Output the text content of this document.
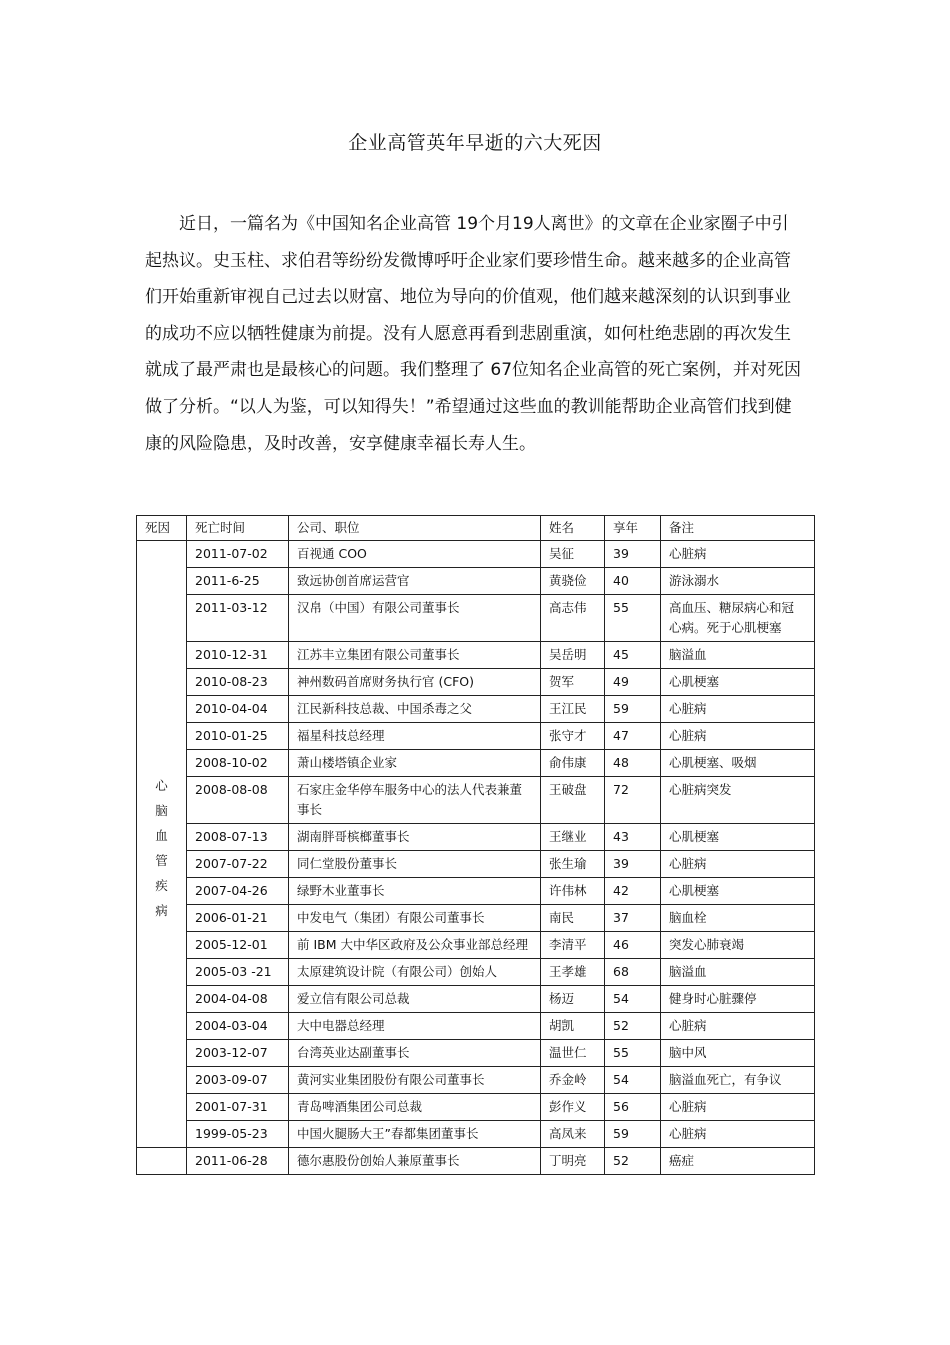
企业高管英年早逝的六大死因

近日，一篇名为《中国知名企业高管 19个月19人离世》的文章在企业家圈子中引起热议。史玉柱、求伯君等纷纷发微博呼吁企业家们要珍惜生命。越来越多的企业高管们开始重新审视自己过去以财富、地位为导向的价值观，他们越来越深刻的认识到事业的成功不应以牺牲健康为前提。没有人愿意再看到悲剧重演，如何杜绝悲剧的再次发生就成了最严肃也是最核心的问题。我们整理了 67位知名企业高管的死亡案例，并对死因做了分析。“以人为鉴，可以知得失！”希望通过这些血的教训能帮助企业高管们找到健康的风险隐患，及时改善，安享健康幸福长寿人生。

死因	死亡时间	公司、职位	姓名	享年	备注
心脑血管疾病	2011-07-02	百视通 COO	吴征	39	心脏病
	2011-6-25	致远协创首席运营官	黄骁俭	40	游泳溺水
	2011-03-12	汉帛（中国）有限公司董事长	高志伟	55	高血压、糖尿病心和冠心病。死于心肌梗塞
	2010-12-31	江苏丰立集团有限公司董事长	吴岳明	45	脑溢血
	2010-08-23	神州数码首席财务执行官 (CFO)	贺军	49	心肌梗塞
	2010-04-04	江民新科技总裁、中国杀毒之父	王江民	59	心脏病
	2010-01-25	福星科技总经理	张守才	47	心脏病
	2008-10-02	萧山楼塔镇企业家	俞伟康	48	心肌梗塞、吸烟
	2008-08-08	石家庄金华停车服务中心的法人代表兼董事长	王破盘	72	心脏病突发
	2008-07-13	湖南胖哥槟榔董事长	王继业	43	心肌梗塞
	2007-07-22	同仁堂股份董事长	张生瑜	39	心脏病
	2007-04-26	绿野木业董事长	许伟林	42	心肌梗塞
	2006-01-21	中发电气（集团）有限公司董事长	南民	37	脑血栓
	2005-12-01	前 IBM 大中华区政府及公众事业部总经理	李清平	46	突发心肺衰竭
	2005-03 -21	太原建筑设计院（有限公司）创始人	王孝雄	68	脑溢血
	2004-04-08	爱立信有限公司总裁	杨迈	54	健身时心脏骤停
	2004-03-04	大中电器总经理	胡凯	52	心脏病
	2003-12-07	台湾英业达副董事长	温世仁	55	脑中风
	2003-09-07	黄河实业集团股份有限公司董事长	乔金岭	54	脑溢血死亡，有争议
	2001-07-31	青岛啤酒集团公司总裁	彭作义	56	心脏病
	1999-05-23	中国火腿肠大王”春都集团董事长	高凤来	59	心脏病
	2011-06-28	德尔惠股份创始人兼原董事长	丁明亮	52	癌症
